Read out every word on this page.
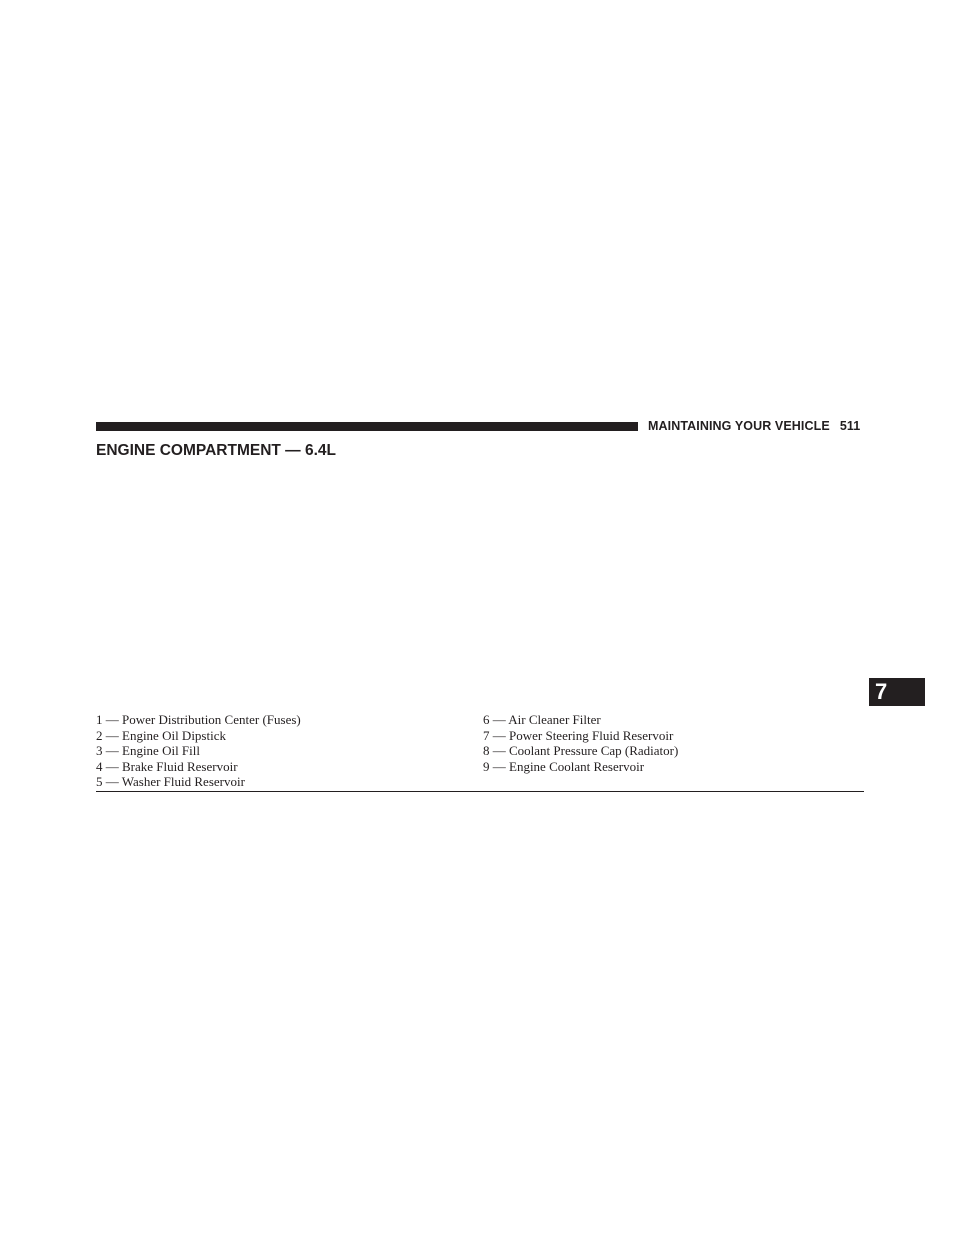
MAINTAINING YOUR VEHICLE 511
ENGINE COMPARTMENT — 6.4L
1 — Power Distribution Center (Fuses)
2 — Engine Oil Dipstick
3 — Engine Oil Fill
4 — Brake Fluid Reservoir
5 — Washer Fluid Reservoir
6 — Air Cleaner Filter
7 — Power Steering Fluid Reservoir
8 — Coolant Pressure Cap (Radiator)
9 — Engine Coolant Reservoir
7
